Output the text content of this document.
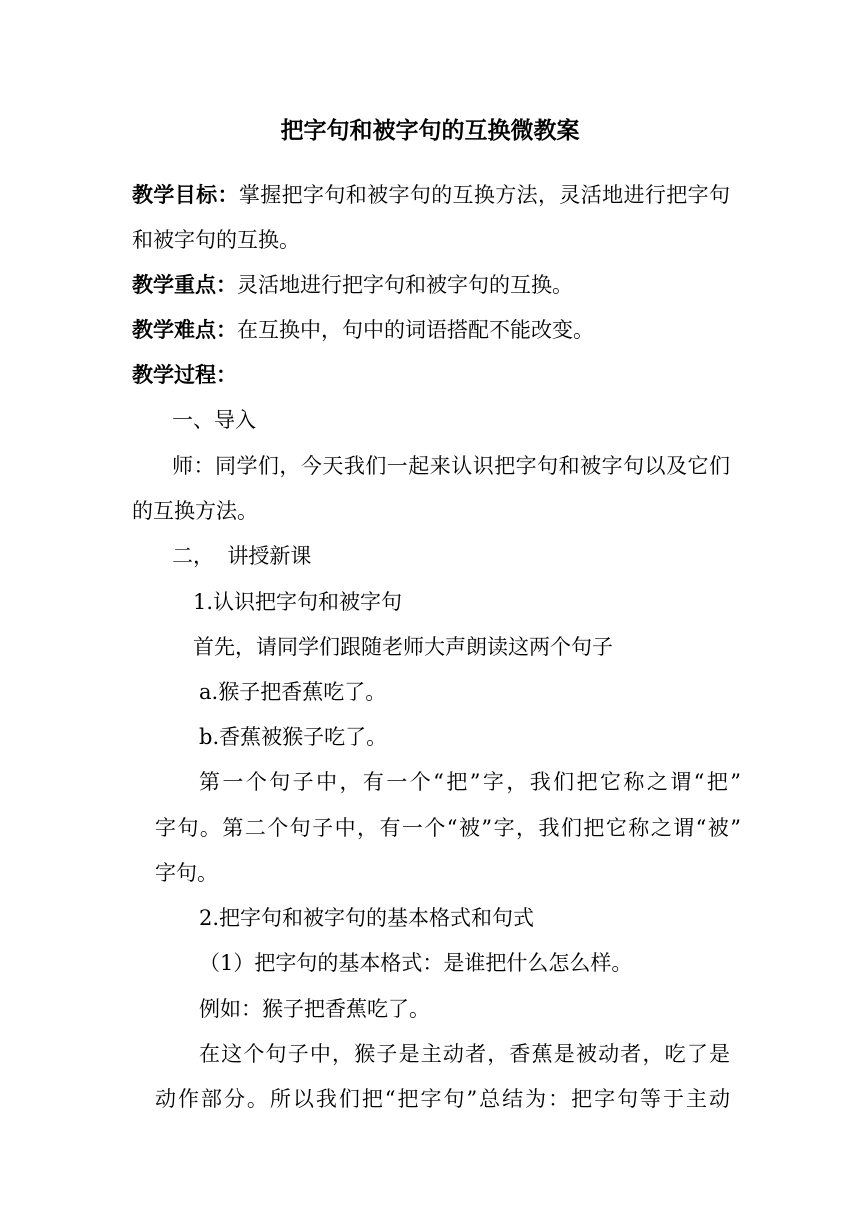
把字句和被字句的互换微教案
教学目标：掌握把字句和被字句的互换方法，灵活地进行把字句
和被字句的互换。
教学重点：灵活地进行把字句和被字句的互换。
教学难点：在互换中，句中的词语搭配不能改变。
教学过程：
一、导入
师：同学们，今天我们一起来认识把字句和被字句以及它们
的互换方法。
二，  讲授新课
1.认识把字句和被字句
首先，请同学们跟随老师大声朗读这两个句子
a.猴子把香蕉吃了。
b.香蕉被猴子吃了。
第一个句子中，有一个“把”字，我们把它称之谓“把”
字句。第二个句子中，有一个“被”字，我们把它称之谓“被”
字句。
2.把字句和被字句的基本格式和句式
（1）把字句的基本格式：是谁把什么怎么样。
例如：猴子把香蕉吃了。
在这个句子中，猴子是主动者，香蕉是被动者，吃了是
动作部分。所以我们把“把字句”总结为：把字句等于主动
